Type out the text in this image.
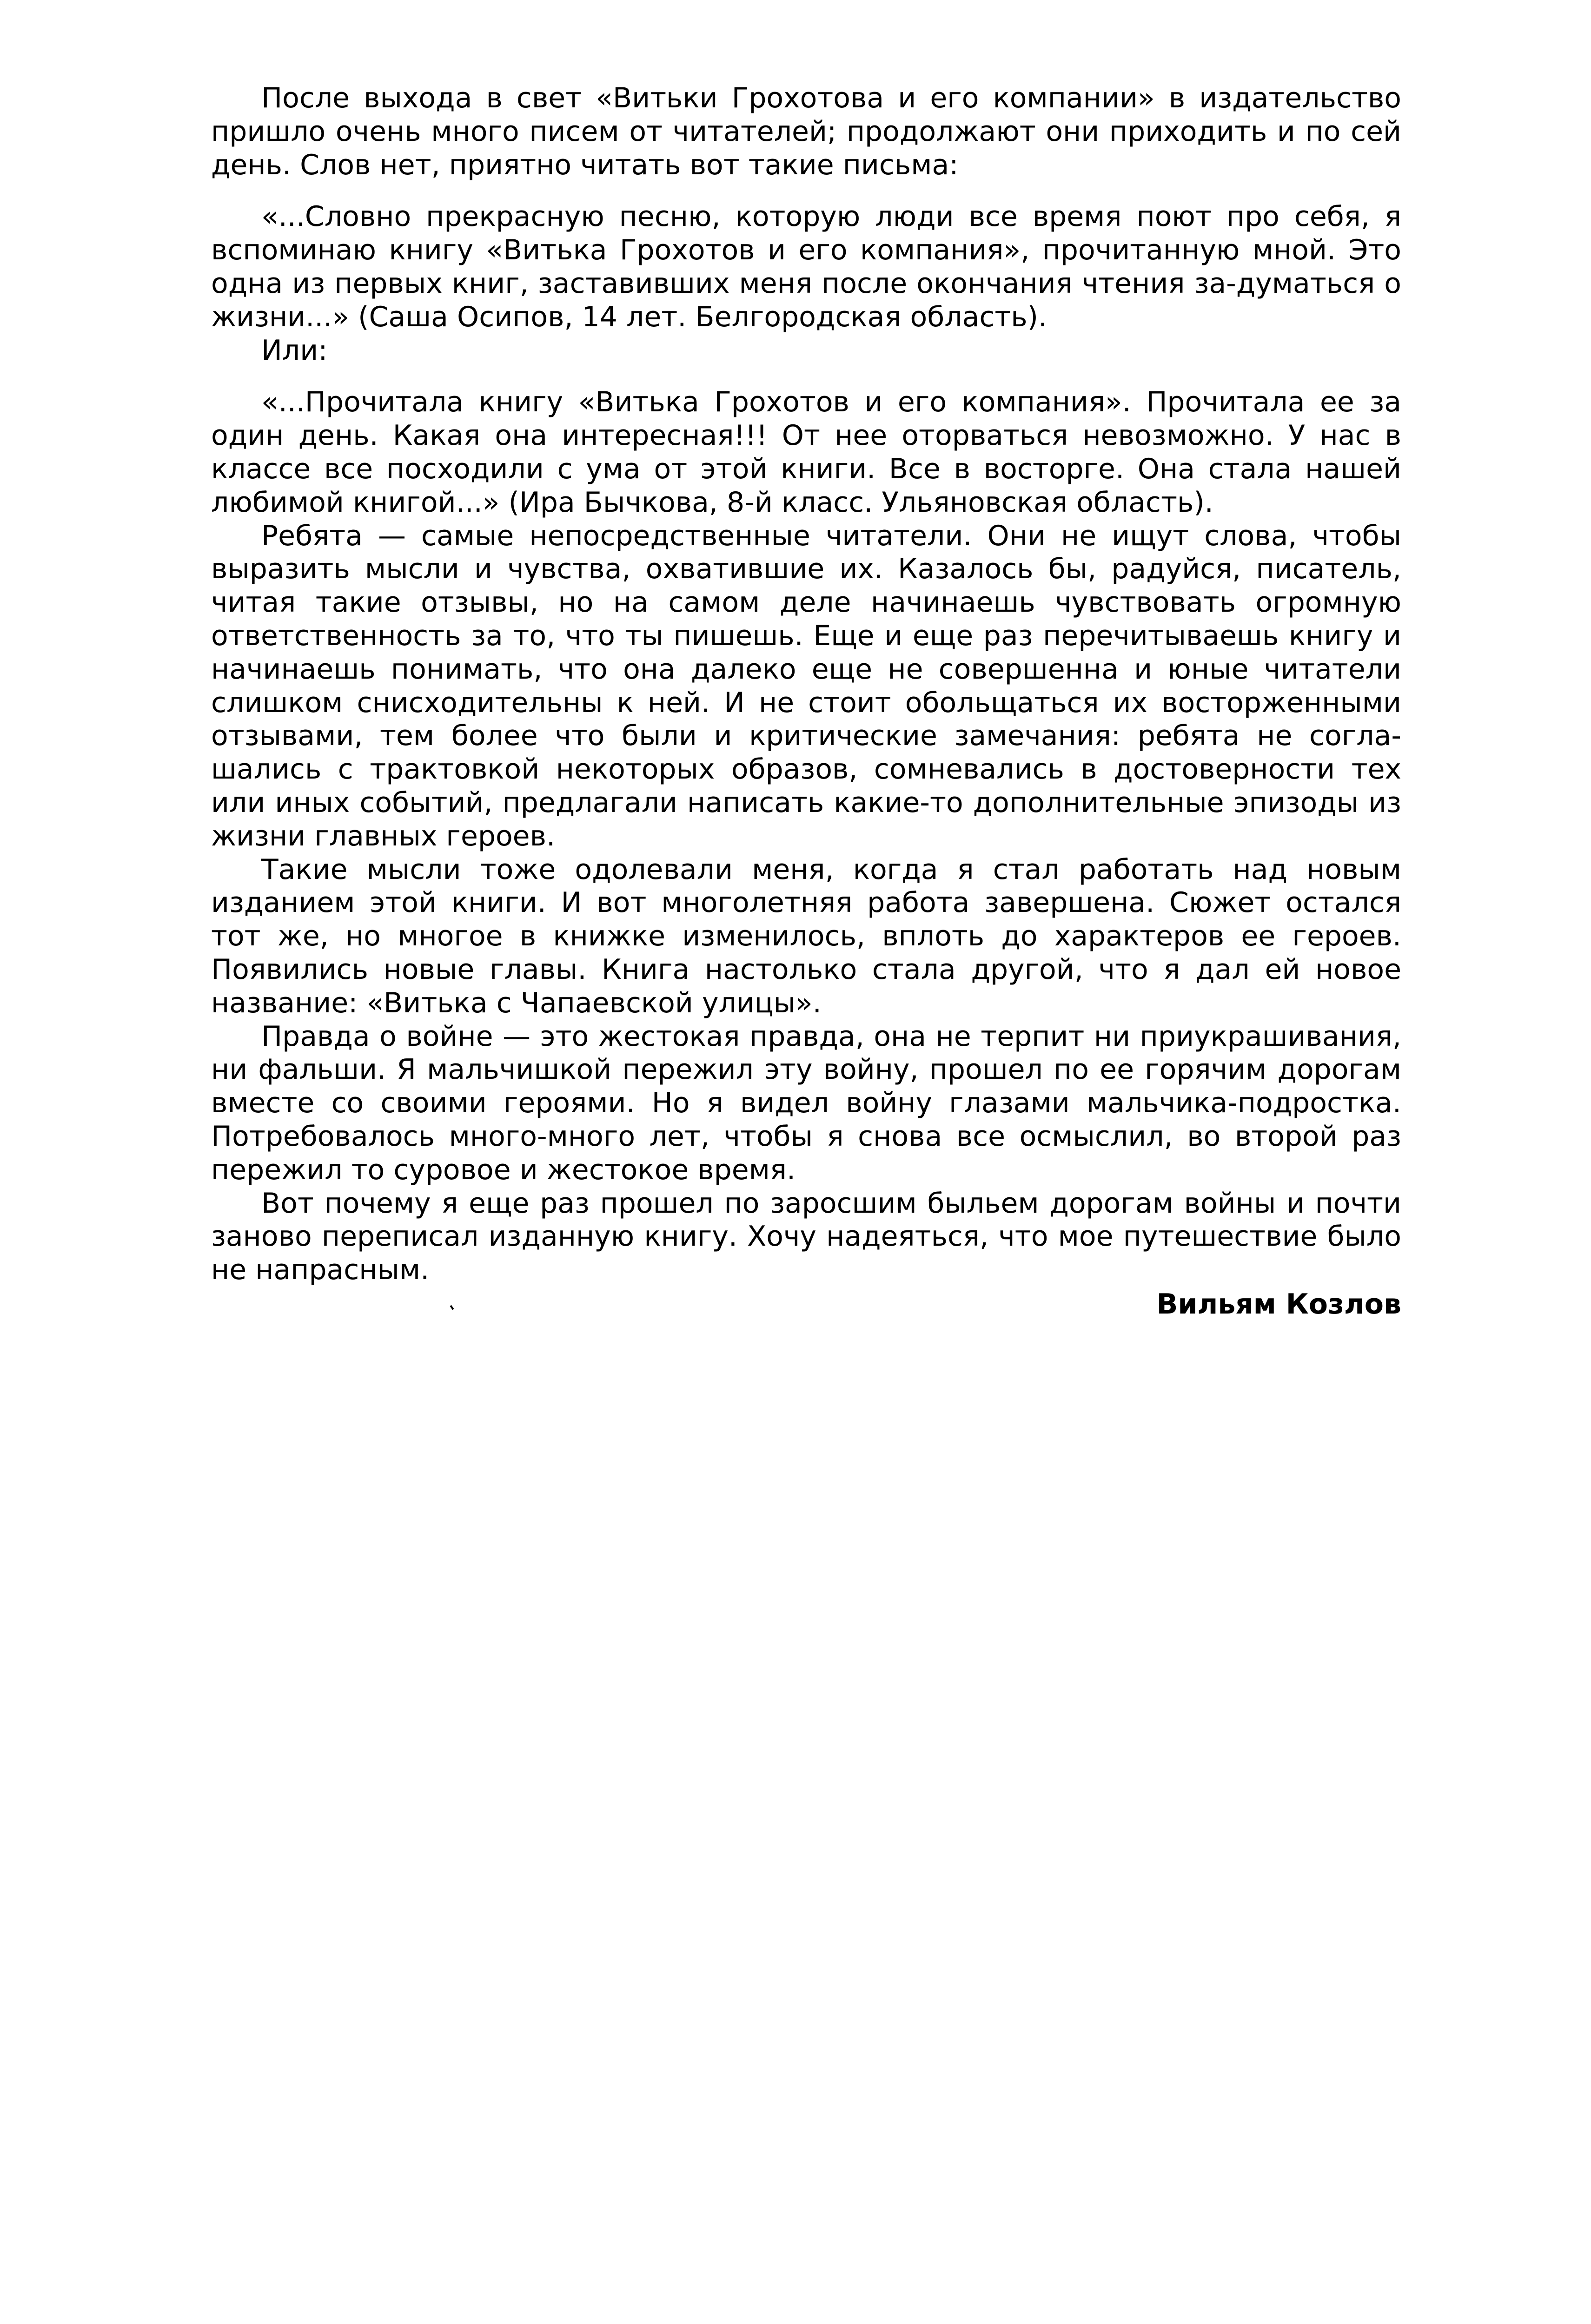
После выхода в свет «Витьки Грохотова и его компании» в издательство пришло очень много писем от читателей; продолжают они приходить и по сей день. Слов нет, приятно читать вот такие письма:

«...Словно прекрасную песню, которую люди все время поют про себя, я вспоминаю книгу «Витька Грохотов и его компания», прочитанную мной. Это одна из первых книг, заставивших меня после окончания чтения за-думаться о жизни...» (Саша Осипов, 14 лет. Белгородская область).

Или:

«...Прочитала книгу «Витька Грохотов и его компания». Прочитала ее за один день. Какая она интересная!!! От нее оторваться невозможно. У нас в классе все посходили с ума от этой книги. Все в восторге. Она стала нашей любимой книгой...» (Ира Бычкова, 8-й класс. Ульяновская область).

Ребята — самые непосредственные читатели. Они не ищут слова, чтобы выразить мысли и чувства, охватившие их. Казалось бы, радуйся, писатель, читая такие отзывы, но на самом деле начинаешь чувствовать огромную ответственность за то, что ты пишешь. Еще и еще раз перечитываешь книгу и начинаешь понимать, что она далеко еще не совершенна и юные читатели слишком снисходительны к ней. И не стоит обольщаться их восторженными отзывами, тем более что были и критические замечания: ребята не согла-шались с трактовкой некоторых образов, сомневались в достоверности тех или иных событий, предлагали написать какие-то дополнительные эпизоды из жизни главных героев.

Такие мысли тоже одолевали меня, когда я стал работать над новым изданием этой книги. И вот многолетняя работа завершена. Сюжет остался тот же, но многое в книжке изменилось, вплоть до характеров ее героев. Появились новые главы. Книга настолько стала другой, что я дал ей новое название: «Витька с Чапаевской улицы».

Правда о войне — это жестокая правда, она не терпит ни приукрашивания, ни фальши. Я мальчишкой пережил эту войну, прошел по ее горячим дорогам вместе со своими героями. Но я видел войну глазами мальчика-подростка. Потребовалось много-много лет, чтобы я снова все осмыслил, во второй раз пережил то суровое и жестокое время.

Вот почему я еще раз прошел по заросшим быльем дорогам войны и почти заново переписал изданную книгу. Хочу надеяться, что мое путешествие было не напрасным.

Вильям Козлов
